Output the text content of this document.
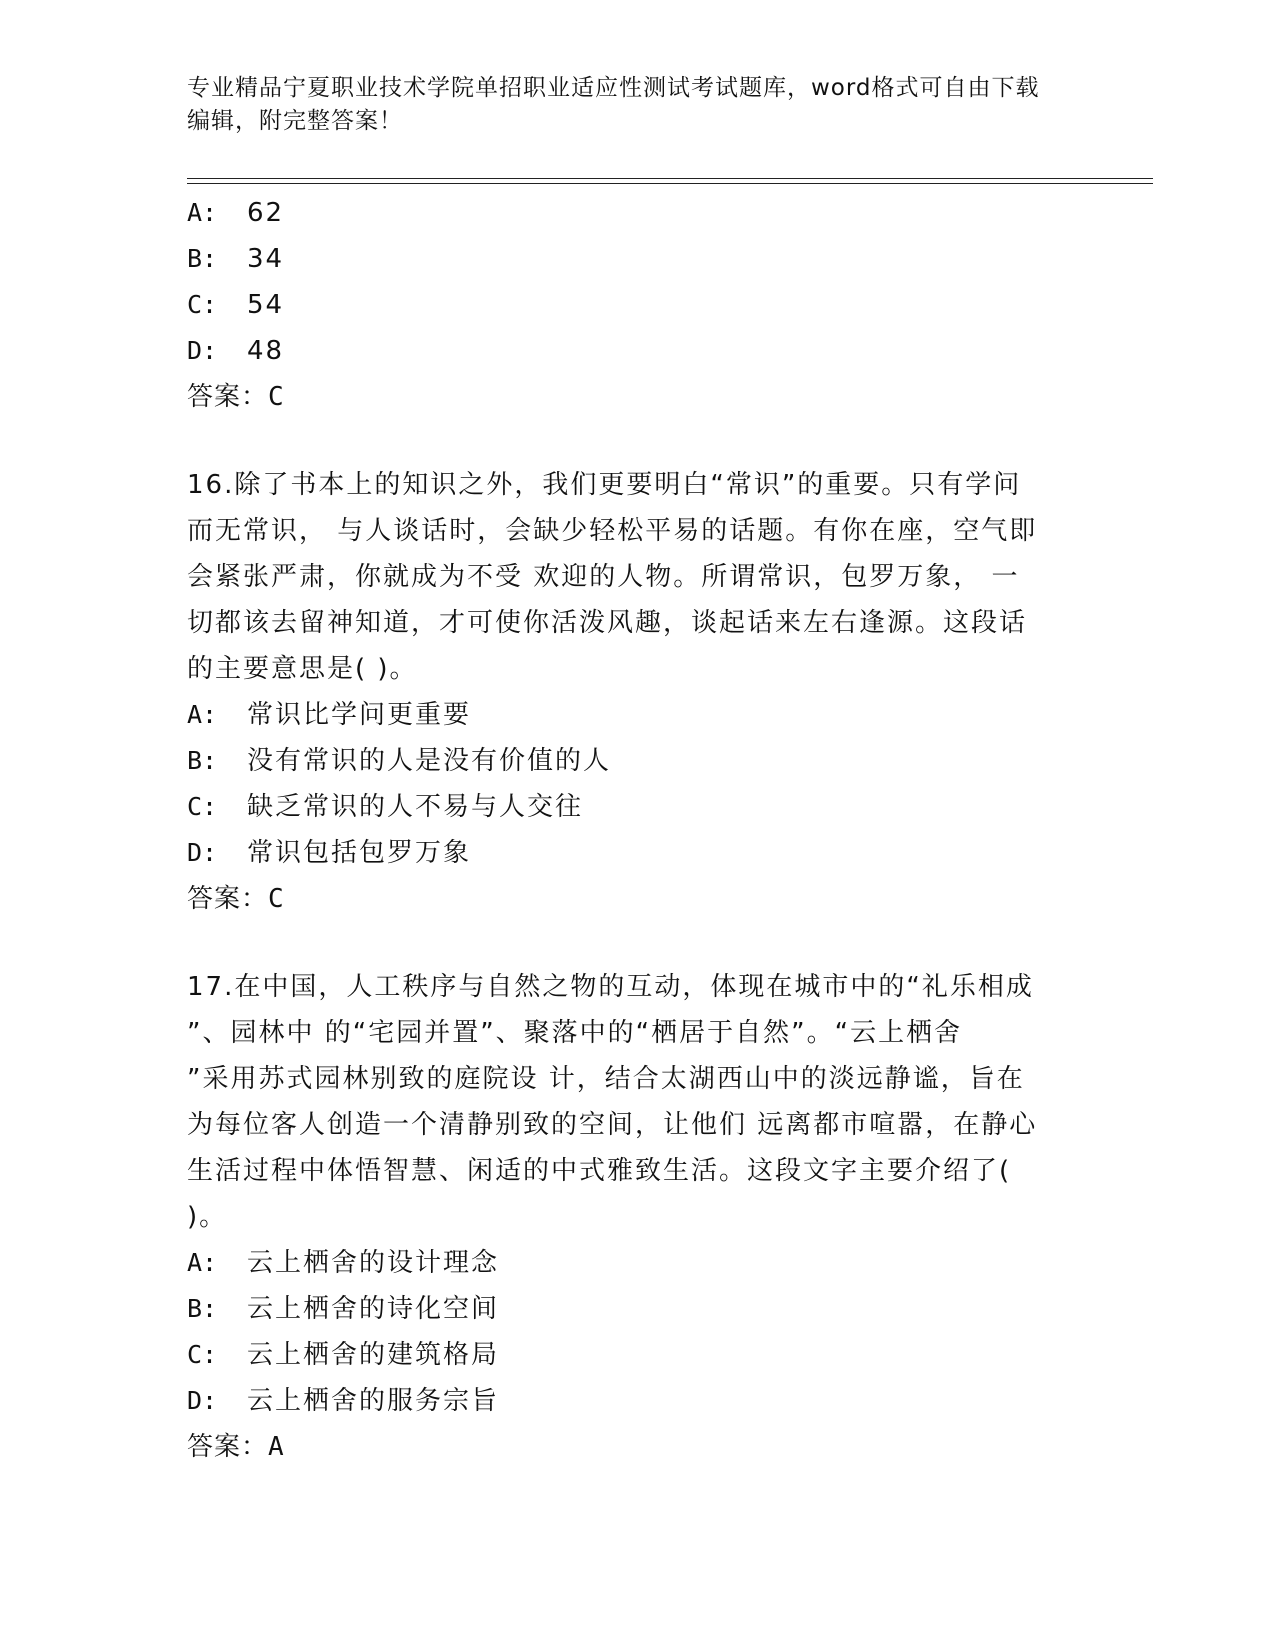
专业精品宁夏职业技术学院单招职业适应性测试考试题库，word格式可自由下载
编辑，附完整答案！
A: 62
B: 34
C: 54
D: 48
答案：C
16.除了书本上的知识之外，我们更要明白“常识”的重要。只有学问
而无常识， 与人谈话时，会缺少轻松平易的话题。有你在座，空气即
会紧张严肃，你就成为不受 欢迎的人物。所谓常识，包罗万象， 一
切都该去留神知道，才可使你活泼风趣，谈起话来左右逢源。这段话
的主要意思是( )。
A: 常识比学问更重要
B: 没有常识的人是没有价值的人
C: 缺乏常识的人不易与人交往
D: 常识包括包罗万象
答案：C
17.在中国，人工秩序与自然之物的互动，体现在城市中的“礼乐相成
”、园林中 的“宅园并置”、聚落中的“栖居于自然”。“云上栖舍
”采用苏式园林别致的庭院设 计，结合太湖西山中的淡远静谧，旨在
为每位客人创造一个清静别致的空间，让他们 远离都市喧嚣，在静心
生活过程中体悟智慧、闲适的中式雅致生活。这段文字主要介绍了(
)。
A: 云上栖舍的设计理念
B: 云上栖舍的诗化空间
C: 云上栖舍的建筑格局
D: 云上栖舍的服务宗旨
答案：A
